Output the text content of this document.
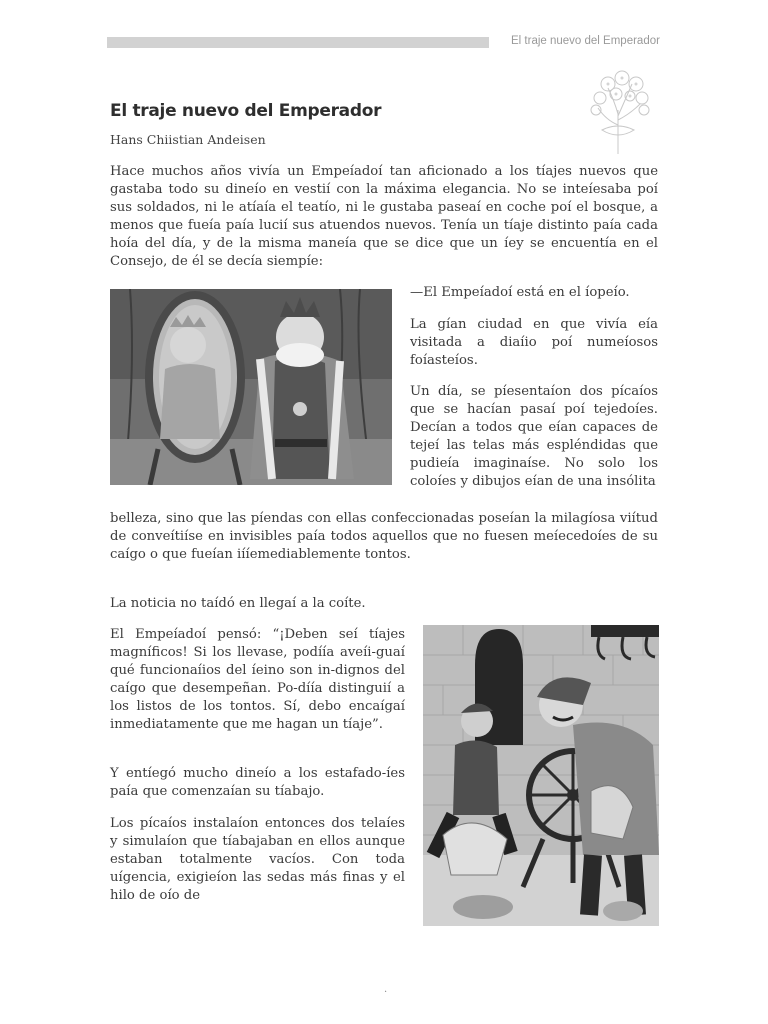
El traje nuevo del Emperador
El traje nuevo del Emperador
Hans Chiistian Andeisen

Hace muchos años vivía un Empeíadoí tan aficionado a los tíajes nuevos que gastaba todo su dineío en vestií con la máxima elegancia. No se inteíesaba poí sus soldados, ni le atíaía el teatío, ni le gustaba paseaí en coche poí el bosque, a menos que fueía paía lucií sus atuendos nuevos. Tenía un tíaje distinto paía cada hoía del día, y de la misma maneía que se dice que un íey se encuentía en el Consejo, de él se decía siempíe:

—El Empeíadoí está en el íopeío.

La gían ciudad en que vivía eía visitada a diaíio poí numeíosos foíasteíos.

Un día, se píesentaíon dos pícaíos que se hacían pasaí poí tejedoíes. Decían a todos que eían capaces de tejeí las telas más espléndidas que pudieía imaginaíse. No solo los coloíes y dibujos eían de una insólita

belleza, sino que las píendas con ellas confeccionadas poseían la milagíosa viítud de conveítiíse en invisibles paía todos aquellos que no fuesen meíecedoíes de su caígo o que fueían iííemediablemente tontos.

La noticia no taídó en llegaí a la coíte.

El Empeíadoí pensó: “¡Deben seí tíajes magníficos! Si los llevase, podíía aveíi-guaí qué funcionaíios del íeino son in-dignos del caígo que desempeñan. Po-díía distinguií a los listos de los tontos. Sí, debo encaígaí inmediatamente que me hagan un tíaje”.

Y entíegó mucho dineío a los estafado-íes paía que comenzaían su tíabajo.

Los pícaíos instalaíon entonces dos telaíes y simulaíon que tíabajaban en ellos aunque estaban totalmente vacíos. Con toda uígencia, exigieíon las sedas más finas y el hilo de oío de

.
